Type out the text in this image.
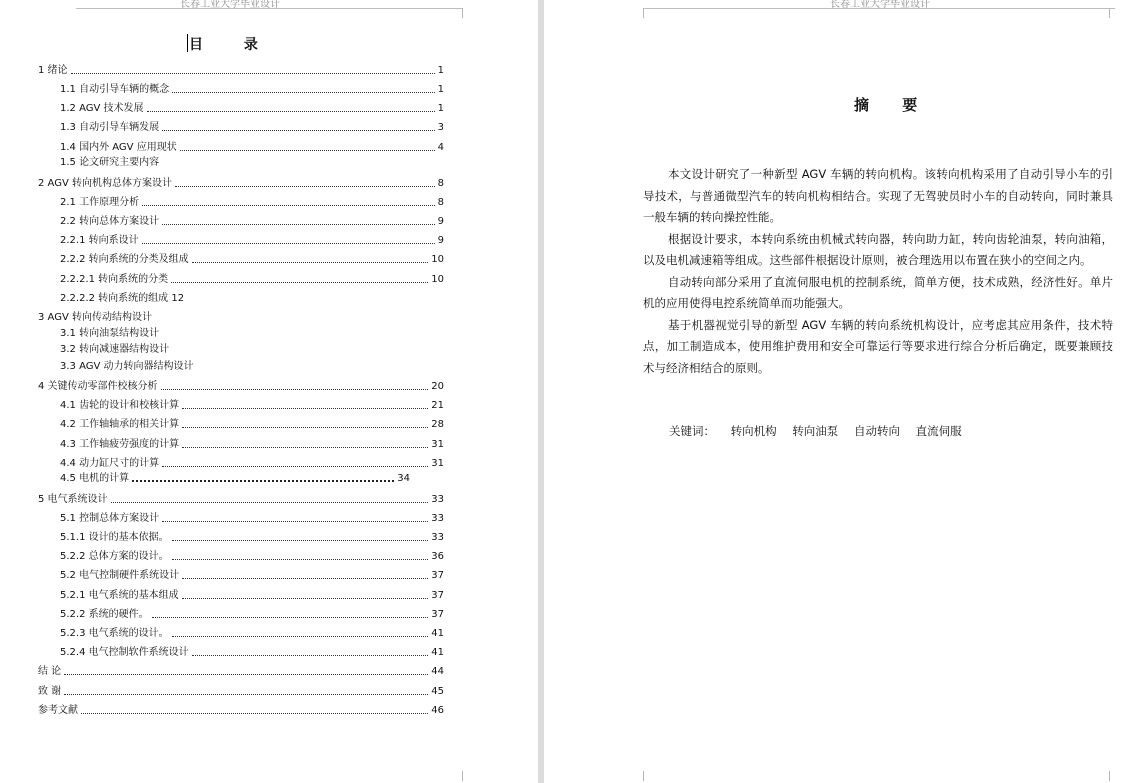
长春工业大学毕业设计
目 录
1 绪论	1
1.1 自动引导车辆的概念	1
1.2 AGV 技术发展	1
1.3 自动引导车辆发展	3
1.4 国内外 AGV 应用现状	4
1.5 论文研究主要内容
2 AGV 转向机构总体方案设计	8
2.1 工作原理分析	8
2.2 转向总体方案设计	9
2.2.1 转向系设计	9
2.2.2 转向系统的分类及组成	10
2.2.2.1 转向系统的分类	10
2.2.2.2 转向系统的组成 12
3 AGV 转向传动结构设计
3.1 转向油泵结构设计
3.2 转向减速器结构设计
3.3 AGV 动力转向器结构设计
4 关键传动零部件校核分析	20
4.1 齿轮的设计和校核计算	21
4.2 工作轴轴承的相关计算	28
4.3 工作轴疲劳强度的计算	31
4.4 动力缸尺寸的计算	31
4.5 电机的计算	34
5 电气系统设计	33
5.1 控制总体方案设计	33
5.1.1 设计的基本依据。	33
5.2.2 总体方案的设计。	36
5.2 电气控制硬件系统设计	37
5.2.1 电气系统的基本组成	37
5.2.2 系统的硬件。	37
5.2.3 电气系统的设计。	41
5.2.4 电气控制软件系统设计	41
结 论	44
致 谢	45
参考文献	46
长春工业大学毕业设计
摘 要

本文设计研究了一种新型 AGV 车辆的转向机构。该转向机构采用了自动引导小车的引导技术，与普通微型汽车的转向机构相结合。实现了无驾驶员时小车的自动转向，同时兼具一般车辆的转向操控性能。

根据设计要求，本转向系统由机械式转向器，转向助力缸，转向齿轮油泵，转向油箱，以及电机减速箱等组成。这些部件根据设计原则，被合理选用以布置在狭小的空间之内。

自动转向部分采用了直流伺服电机的控制系统，简单方便，技术成熟，经济性好。单片机的应用使得电控系统简单而功能强大。

基于机器视觉引导的新型 AGV 车辆的转向系统机构设计，应考虑其应用条件，技术特点，加工制造成本，使用维护费用和安全可靠运行等要求进行综合分析后确定，既要兼顾技术与经济相结合的原则。

关键词： 转向机构 转向油泵 自动转向 直流伺服
